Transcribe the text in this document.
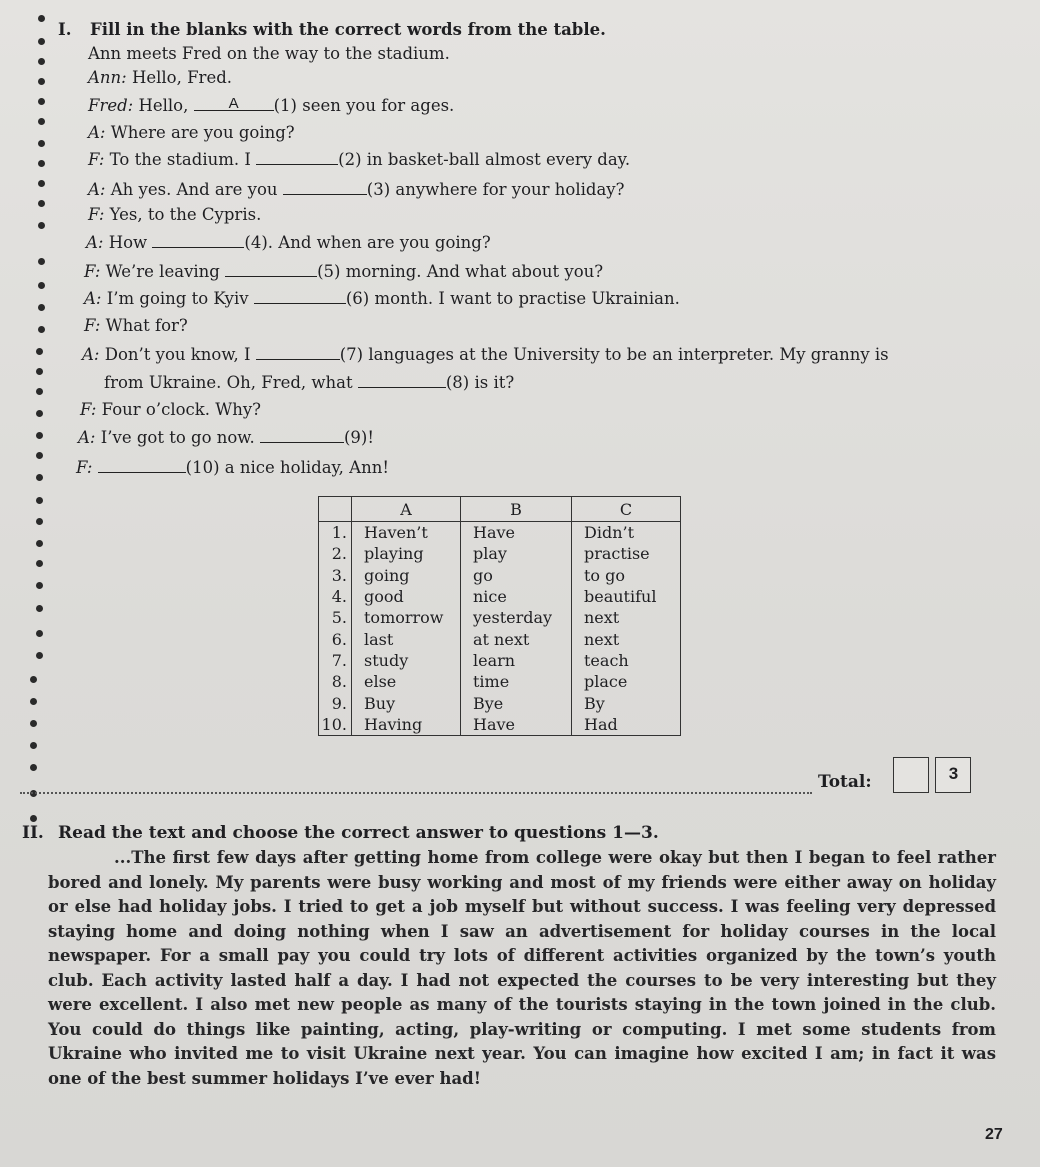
I. Fill in the blanks with the correct words from the table.
Ann meets Fred on the way to the stadium.
Ann: Hello, Fred.
Fred: Hello,	A	(1) seen you for ages.
A: Where are you going?
F: To the stadium. I	(2) in basket-ball almost every day.
A: Ah yes. And are you	(3) anywhere for your holiday?
F: Yes, to the Cypris.
A: How	(4). And when are you going?
F: We’re leaving	(5) morning. And what about you?
A: I’m going to Kyiv	(6) month. I want to practise Ukrainian.
F: What for?
A: Don’t you know, I	(7) languages at the University to be an interpreter. My granny is
from Ukraine. Oh, Fred, what	(8) is it?
F: Four o’clock. Why?
A: I’ve got to go now.	(9)!
F:	(10) a nice holiday, Ann!
	A	B	C
1.	Haven’t	Have	Didn’t
2.	playing	play	practise
3.	going	go	to go
4.	good	nice	beautiful
5.	tomorrow	yesterday	next
6.	last	at next	next
7.	study	learn	teach
8.	else	time	place
9.	Buy	Bye	By
10.	Having	Have	Had
Total:	3
II. Read the text and choose the correct answer to questions 1—3.
...The first few days after getting home from college were okay but then I began to feel rather bored and lonely. My parents were busy working and most of my friends were either away on holiday or else had holiday jobs. I tried to get a job myself but without success. I was feeling very depressed staying home and doing nothing when I saw an advertisement for holiday courses in the local newspaper. For a small pay you could try lots of different activities organized by the town’s youth club. Each activity lasted half a day. I had not expected the courses to be very interesting but they were excellent. I also met new people as many of the tourists staying in the town joined in the club. You could do things like painting, acting, play-writing or computing. I met some students from Ukraine who invited me to visit Ukraine next year. You can imagine how excited I am; in fact it was one of the best summer holidays I’ve ever had!
27
